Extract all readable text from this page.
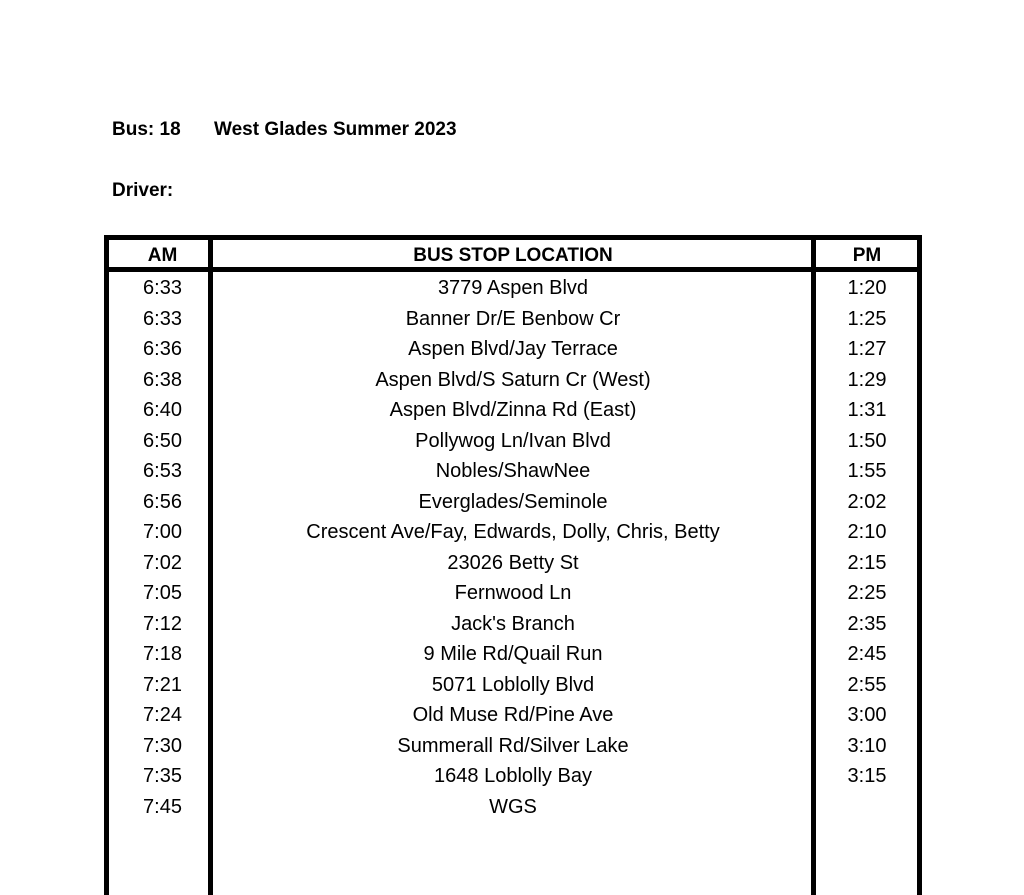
Bus: 18 West Glades Summer 2023
Driver:
AM	BUS STOP LOCATION	PM
6:33	3779 Aspen Blvd	1:20
6:33	Banner Dr/E Benbow Cr	1:25
6:36	Aspen Blvd/Jay Terrace	1:27
6:38	Aspen Blvd/S Saturn Cr (West)	1:29
6:40	Aspen Blvd/Zinna Rd (East)	1:31
6:50	Pollywog Ln/Ivan Blvd	1:50
6:53	Nobles/ShawNee	1:55
6:56	Everglades/Seminole	2:02
7:00	Crescent Ave/Fay, Edwards, Dolly, Chris, Betty	2:10
7:02	23026 Betty St	2:15
7:05	Fernwood Ln	2:25
7:12	Jack's Branch	2:35
7:18	9 Mile Rd/Quail Run	2:45
7:21	5071 Loblolly Blvd	2:55
7:24	Old Muse Rd/Pine Ave	3:00
7:30	Summerall Rd/Silver Lake	3:10
7:35	1648 Loblolly Bay	3:15
7:45	WGS
